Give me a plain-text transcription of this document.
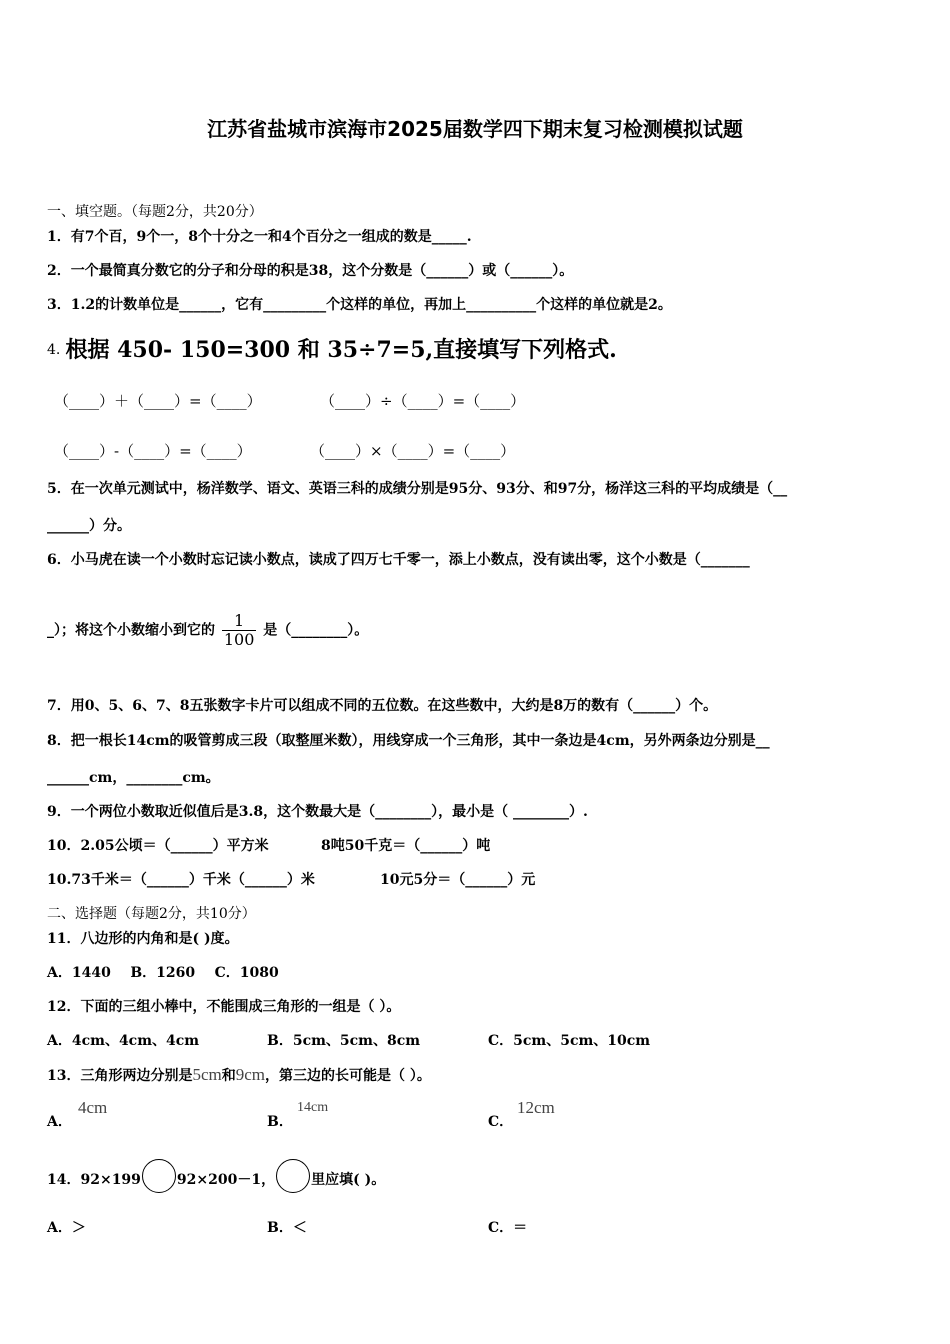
江苏省盐城市滨海市2025届数学四下期末复习检测模拟试题
一、填空题。（每题2分，共20分）
1．有7个百，9个一，8个十分之一和4个百分之一组成的数是_____.
2．一个最简真分数它的分子和分母的积是38，这个分数是（______）或（______）。
3．1.2的计数单位是______，它有_________个这样的单位，再加上__________个这样的单位就是2。
4. 根据 450- 150=300 和 35÷7=5,直接填写下列格式.
（____）＋（____）=（____）	（____）÷（____）=（____）
（____）-（____）=（____）	（____）×（____）=（____）
5．在一次单元测试中，杨洋数学、语文、英语三科的成绩分别是95分、93分、和97分，杨洋这三科的平均成绩是（__
______）分。
6．小马虎在读一个小数时忘记读小数点，读成了四万七千零一，添上小数点，没有读出零，这个小数是（_______
_）；将这个小数缩小到它的 $\frac{1}{100}$ 是（________）。
7．用0、5、6、7、8五张数字卡片可以组成不同的五位数。在这些数中，大约是8万的数有（______）个。
8．把一根长14cm的吸管剪成三段（取整厘米数），用线穿成一个三角形，其中一条边是4cm，另外两条边分别是__
______cm，________cm。
9．一个两位小数取近似值后是3.8，这个数最大是（________），最小是（ ________）.
10．2.05公顷＝（______）平方米	8吨50千克＝（______）吨
10.73千米＝（______）千米（______）米	10元5分＝（______）元
二、选择题（每题2分，共10分）
11．八边形的内角和是( )度。
A．1440    B．1260    C．1080
12．下面的三组小棒中，不能围成三角形的一组是（ ）。
A．4cm、4cm、4cm	B．5cm、5cm、8cm	C．5cm、5cm、10cm
13．三角形两边分别是5cm和9cm，第三边的长可能是（ ）。
A．
4cm
B．
14cm
C．
12cm
14．92×199	92×200－1，	里应填( )。
A．＞	B．＜	C．＝
